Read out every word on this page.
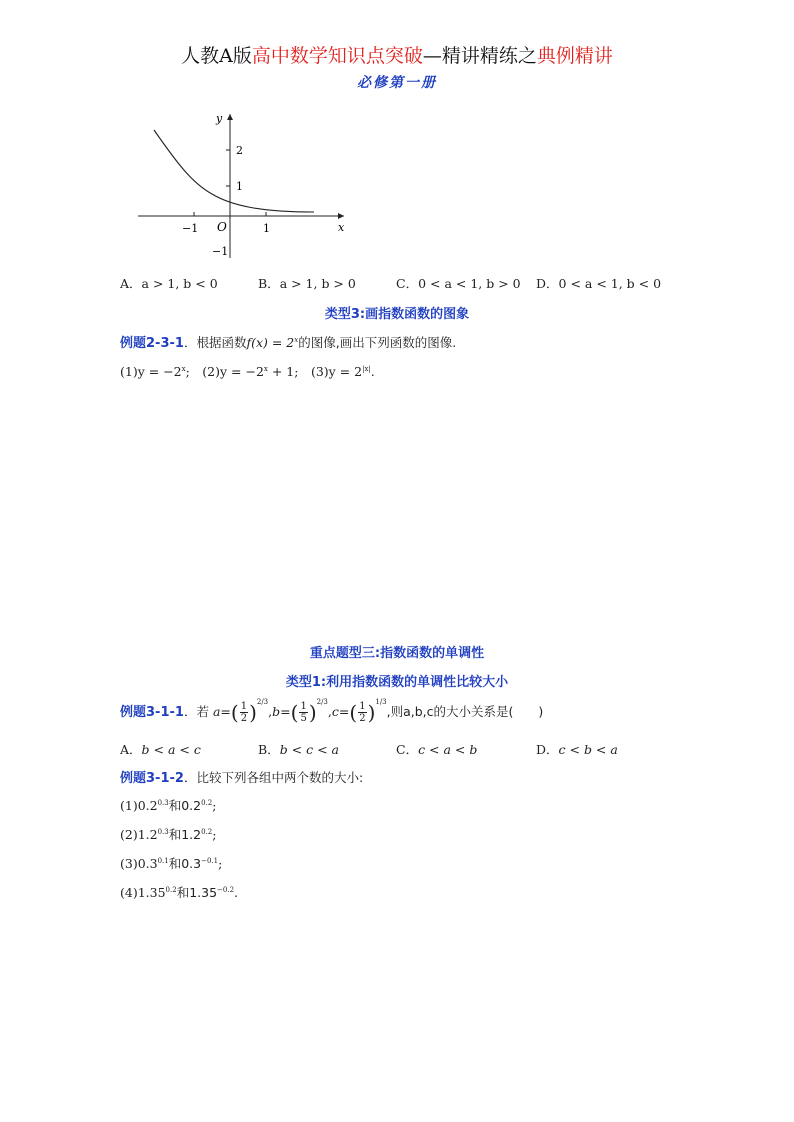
人教A版高中数学知识点突破—精讲精练之典例精讲
必修第一册
y
x
O
−1	1
2
1
−1
A．a > 1, b < 0	B．a > 1, b > 0	C．0 < a < 1, b > 0 D．0 < a < 1, b < 0
类型3:画指数函数的图象
例题2-3-1．根据函数$f(x) = 2^x$的图像,画出下列函数的图像.
$(1)y = -2^x$;　$(2)y = -2^x + 1$;　$(3)y = 2^{|x|}$.
重点题型三:指数函数的单调性
类型1:利用指数函数的单调性比较大小
例题3-1-1．若 $a=( \frac{1}{2} )^{2/3},b=( \frac{1}{5} )^{2/3},c=( \frac{1}{2} )^{1/3}$,则a,b,c的大小关系是(　　)
A．b < a < c	B．b < c < a	C．c < a < b	D．c < b < a
例题3-1-2．比较下列各组中两个数的大小:
$(1)0.2^{0.3}$和$0.2^{0.2}$;
$(2)1.2^{0.3}$和$1.2^{0.2}$;
$(3)0.3^{0.1}$和$0.3^{-0.1}$;
$(4)1.35^{0.2}$和$1.35^{-0.2}$.
